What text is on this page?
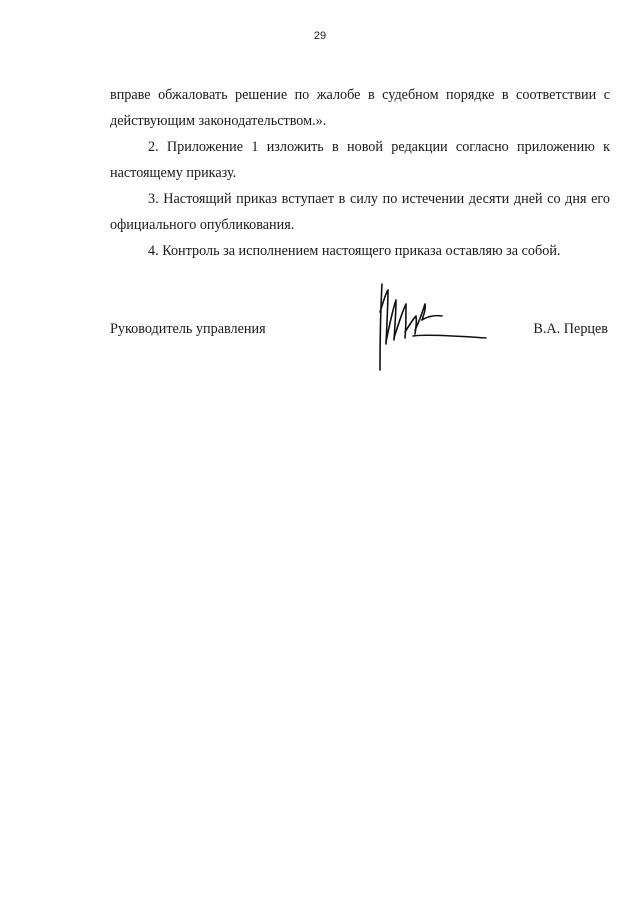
29

вправе обжаловать решение по жалобе в судебном порядке в соответствии с действующим законодательством.».

2. Приложение 1 изложить в новой редакции согласно приложению к настоящему приказу.

3. Настоящий приказ вступает в силу по истечении десяти дней со дня его официального опубликования.

4. Контроль за исполнением настоящего приказа оставляю за собой.

Руководитель управления	В.А. Перцев
